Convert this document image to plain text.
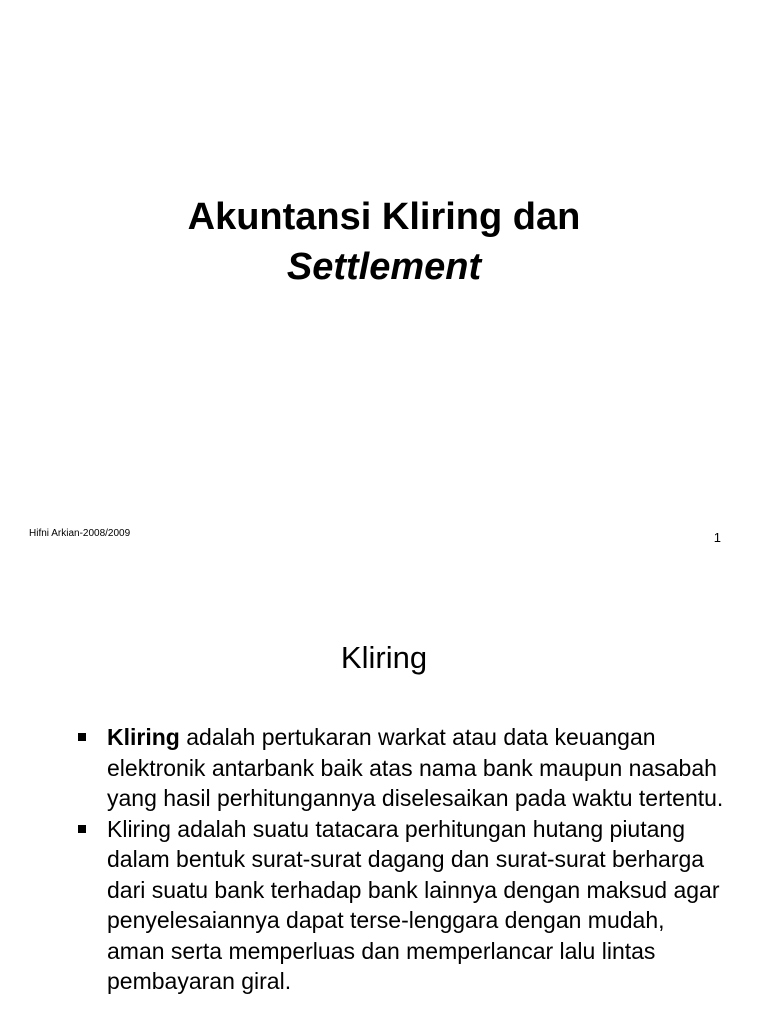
Akuntansi Kliring dan
Settlement
Hifni Arkian-2008/2009	1
Kliring
Kliring adalah pertukaran warkat atau data keuangan elektronik antarbank baik atas nama bank maupun nasabah yang hasil perhitungannya diselesaikan pada waktu tertentu.
Kliring adalah suatu tatacara perhitungan hutang piutang dalam bentuk surat-surat dagang dan surat-surat berharga dari suatu bank terhadap bank lainnya dengan maksud agar penyelesaiannya dapat terse-lenggara dengan mudah, aman serta memperluas dan memperlancar lalu lintas pembayaran giral.
